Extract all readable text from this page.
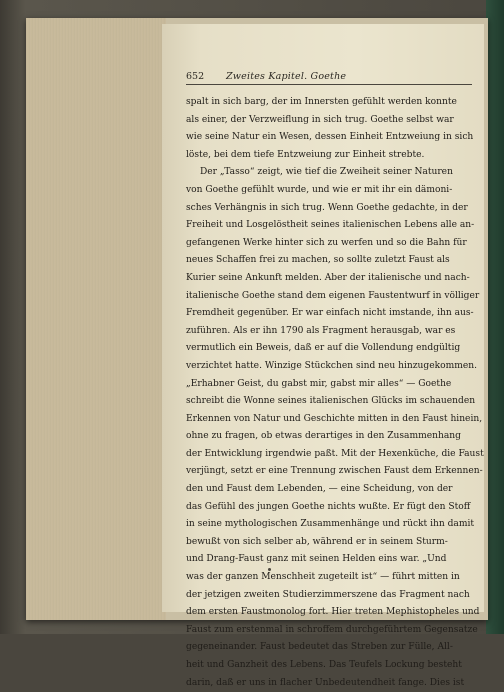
652	Zweites Kapitel. Goethe
spalt in sich barg, der im Innersten gefühlt werden konnte
als einer, der Verzweiflung in sich trug. Goethe selbst war
wie seine Natur ein Wesen, dessen Einheit Entzweiung in sich
löste, bei dem tiefe Entzweiung zur Einheit strebte.
Der „Tasso“ zeigt, wie tief die Zweiheit seiner Naturen
von Goethe gefühlt wurde, und wie er mit ihr ein dämoni-
sches Verhängnis in sich trug. Wenn Goethe gedachte, in der
Freiheit und Losgelöstheit seines italienischen Lebens alle an-
gefangenen Werke hinter sich zu werfen und so die Bahn für
neues Schaffen frei zu machen, so sollte zuletzt Faust als
Kurier seine Ankunft melden. Aber der italienische und nach-
italienische Goethe stand dem eigenen Faustentwurf in völliger
Fremdheit gegenüber. Er war einfach nicht imstande, ihn aus-
zuführen. Als er ihn 1790 als Fragment herausgab, war es
vermutlich ein Beweis, daß er auf die Vollendung endgültig
verzichtet hatte. Winzige Stückchen sind neu hinzugekommen.
„Erhabner Geist, du gabst mir, gabst mir alles“ — Goethe
schreibt die Wonne seines italienischen Glücks im schauenden
Erkennen von Natur und Geschichte mitten in den Faust hinein,
ohne zu fragen, ob etwas derartiges in den Zusammenhang
der Entwicklung irgendwie paßt. Mit der Hexenküche, die Faust
verjüngt, setzt er eine Trennung zwischen Faust dem Erkennen-
den und Faust dem Lebenden, — eine Scheidung, von der
das Gefühl des jungen Goethe nichts wußte. Er fügt den Stoff
in seine mythologischen Zusammenhänge und rückt ihn damit
bewußt von sich selber ab, während er in seinem Sturm-
und Drang-Faust ganz mit seinen Helden eins war. „Und
was der ganzen Menschheit zugeteilt ist“ — führt mitten in
der jetzigen zweiten Studierzimmerszene das Fragment nach
dem ersten Faustmonolog fort. Hier treten Mephistopheles und
Faust zum erstenmal in schroffem durchgeführtem Gegensatze
gegeneinander. Faust bedeutet das Streben zur Fülle, All-
heit und Ganzheit des Lebens. Das Teufels Lockung besteht
darin, daß er uns in flacher Unbedeutendheit fange. Dies ist
